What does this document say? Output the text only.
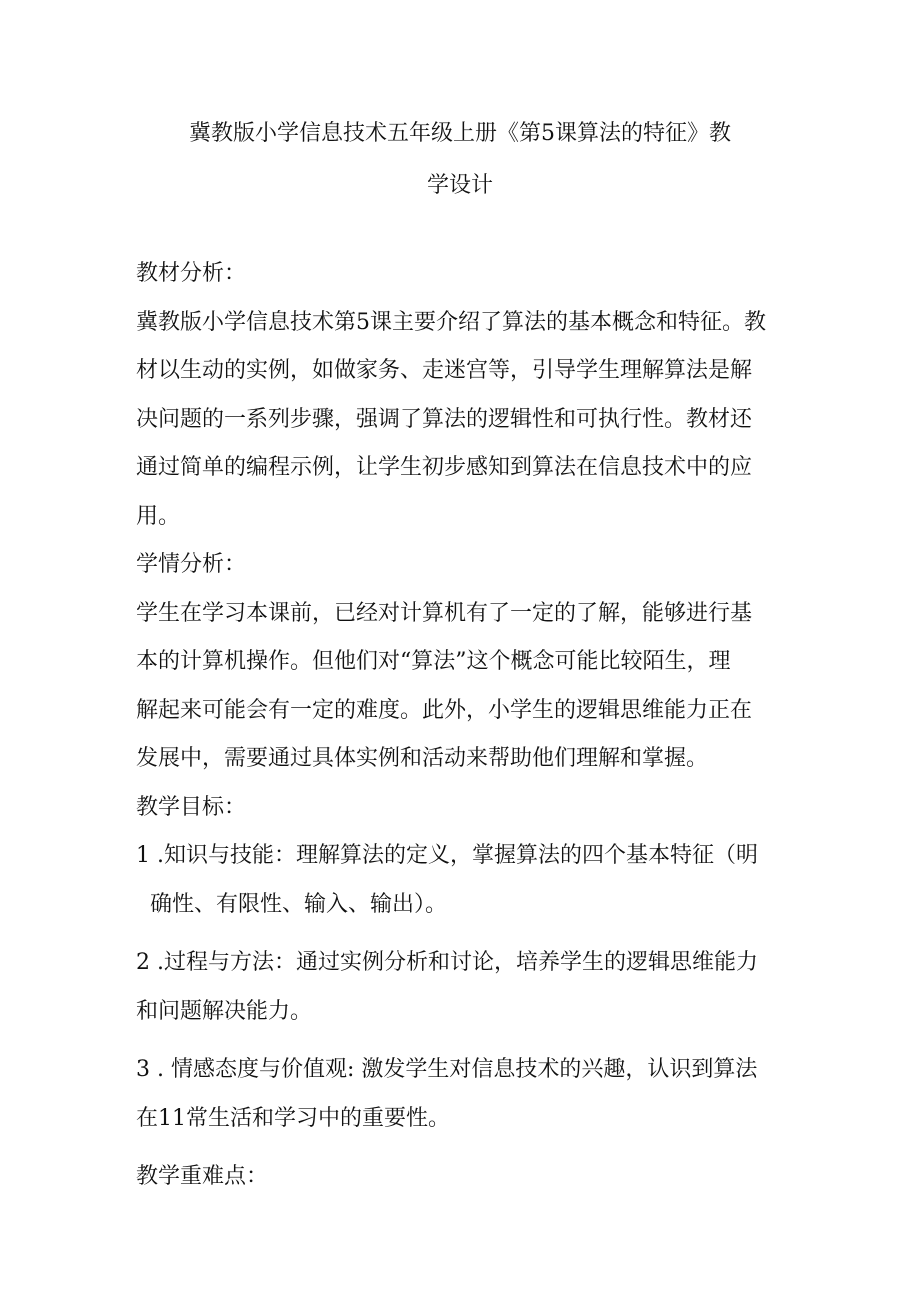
冀教版小学信息技术五年级上册《第5课算法的特征》教
学设计
教材分析：
冀教版小学信息技术第5课主要介绍了算法的基本概念和特征。教
材以生动的实例，如做家务、走迷宫等，引导学生理解算法是解
决问题的一系列步骤，强调了算法的逻辑性和可执行性。教材还
通过简单的编程示例，让学生初步感知到算法在信息技术中的应
用。
学情分析：
学生在学习本课前，已经对计算机有了一定的了解，能够进行基
本的计算机操作。但他们对“算法”这个概念可能比较陌生，理
解起来可能会有一定的难度。此外，小学生的逻辑思维能力正在
发展中，需要通过具体实例和活动来帮助他们理解和掌握。
教学目标：
1 .知识与技能：理解算法的定义，掌握算法的四个基本特征（明
确性、有限性、输入、输出）。
2 .过程与方法：通过实例分析和讨论，培养学生的逻辑思维能力
和问题解决能力。
3 . 情感态度与价值观: 激发学生对信息技术的兴趣，认识到算法
在11常生活和学习中的重要性。
教学重难点：
